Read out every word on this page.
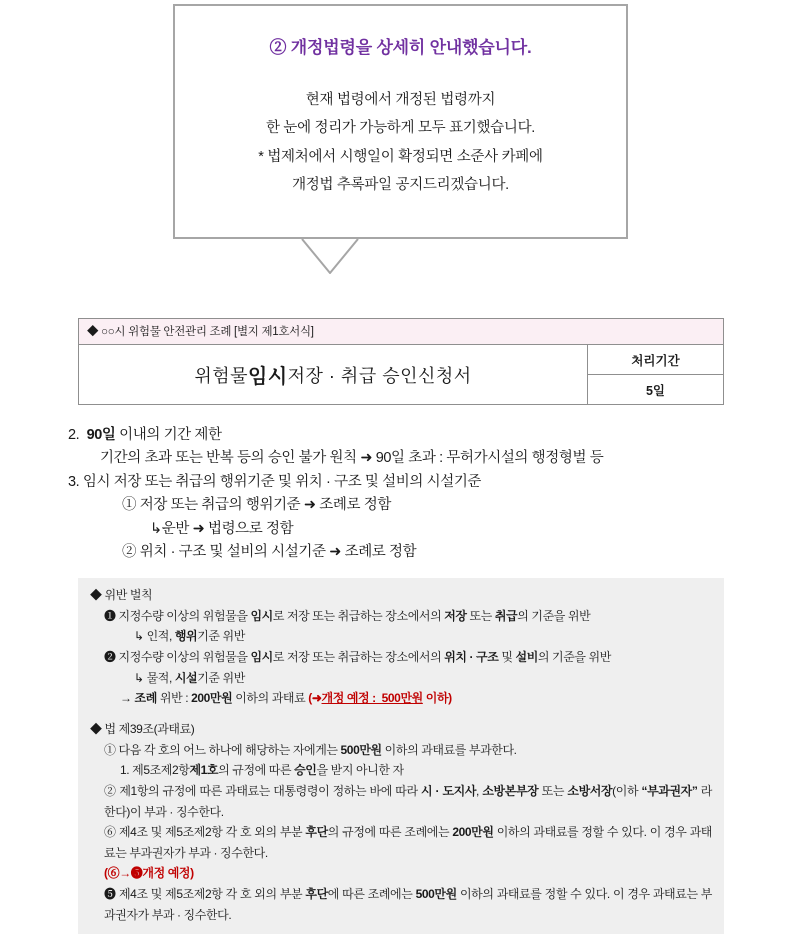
② 개정법령을 상세히 안내했습니다.
현재 법령에서 개정된 법령까지
한 눈에 정리가 가능하게 모두 표기했습니다.
* 법제처에서 시행일이 확정되면 소준사 카페에
개정법 추록파일 공지드리겠습니다.
◆ ○○시 위험물 안전관리 조례 [별지 제1호서식]
위험물 임시 저장 · 취급 승인신청서
처리기간
5일
2.  90일 이내의 기간 제한
기간의 초과 또는 반복 등의 승인 불가 원칙 ➜ 90일 초과 : 무허가시설의 행정형벌 등
3. 임시 저장 또는 취급의 행위기준 및 위치 · 구조 및 설비의 시설기준
① 저장 또는 취급의 행위기준 ➜ 조례로 정함
↳운반 ➜ 법령으로 정함
② 위치 · 구조 및 설비의 시설기준 ➜ 조례로 정함
◆ 위반 벌칙
❶ 지정수량 이상의 위험물을 임시로 저장 또는 취급하는 장소에서의 저장 또는 취급의 기준을 위반
↳ 인적, 행위기준 위반
❷ 지정수량 이상의 위험물을 임시로 저장 또는 취급하는 장소에서의 위치 · 구조 및 설비의 기준을 위반
↳ 물적, 시설기준 위반
→ 조례 위반 : 200만원 이하의 과태료 (➜개정 예정 :  500만원 이하)
◆ 법 제39조(과태료)
① 다음 각 호의 어느 하나에 해당하는 자에게는 500만원 이하의 과태료를 부과한다.
1. 제5조제2항제1호의 규정에 따른 승인을 받지 아니한 자
② 제1항의 규정에 따른 과태료는 대통령령이 정하는 바에 따라 시 · 도지사, 소방본부장 또는 소방서장(이하 “부과권자” 라 한다)이 부과 · 징수한다.
⑥ 제4조 및 제5조제2항 각 호 외의 부분 후단의 규정에 따른 조례에는 200만원 이하의 과태료를 정할 수 있다. 이 경우 과태료는 부과권자가 부과 · 징수한다.
(⑥→❺개정 예정)
❺ 제4조 및 제5조제2항 각 호 외의 부분 후단에 따른 조례에는 500만원 이하의 과태료를 정할 수 있다. 이 경우 과태료는 부과권자가 부과 · 징수한다.
